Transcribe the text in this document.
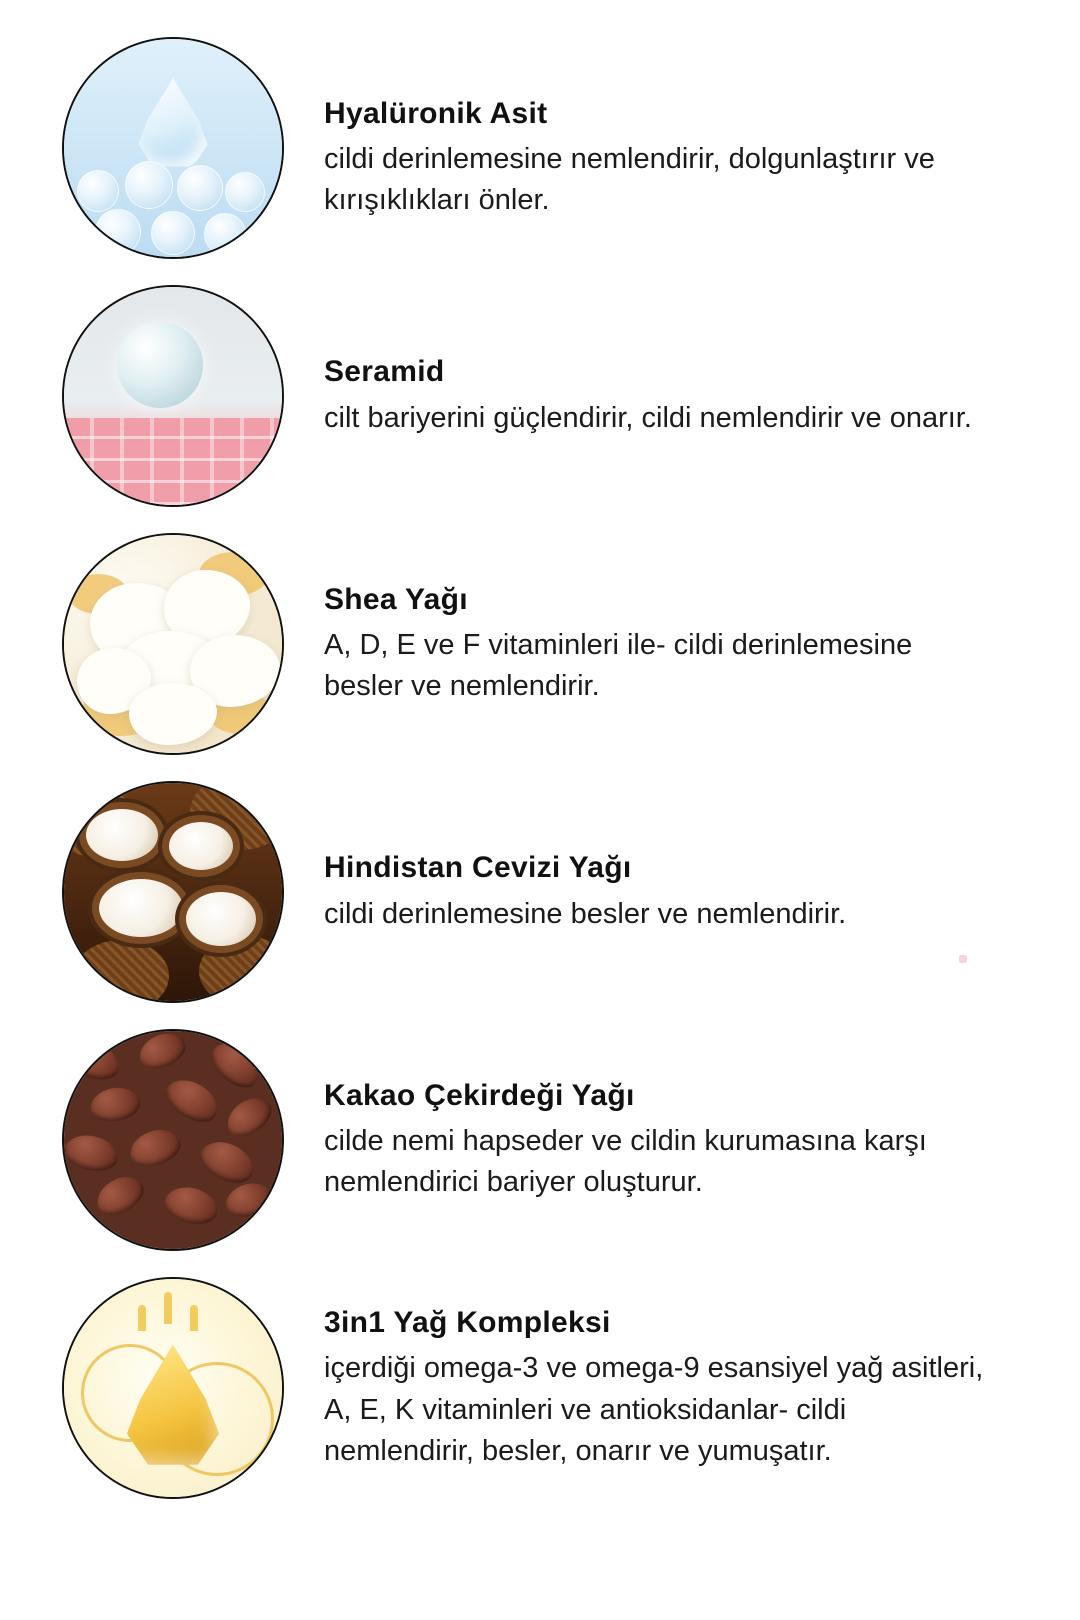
Hyalüronik Asit

cildi derinlemesine nemlendirir, dolgunlaştırır ve kırışıklıkları önler.

Seramid

cilt bariyerini güçlendirir, cildi nemlendirir ve onarır.

Shea Yağı

A, D, E ve F vitaminleri ile- cildi derinlemesine besler ve nemlendirir.

Hindistan Cevizi Yağı

cildi derinlemesine besler ve nemlendirir.

Kakao Çekirdeği Yağı

cilde nemi hapseder ve cildin kurumasına karşı nemlendirici bariyer oluşturur.

3in1 Yağ Kompleksi

içerdiği omega-3 ve omega-9 esansiyel yağ asitleri, A, E, K vitaminleri ve antioksidanlar- cildi nemlendirir, besler, onarır ve yumuşatır.
